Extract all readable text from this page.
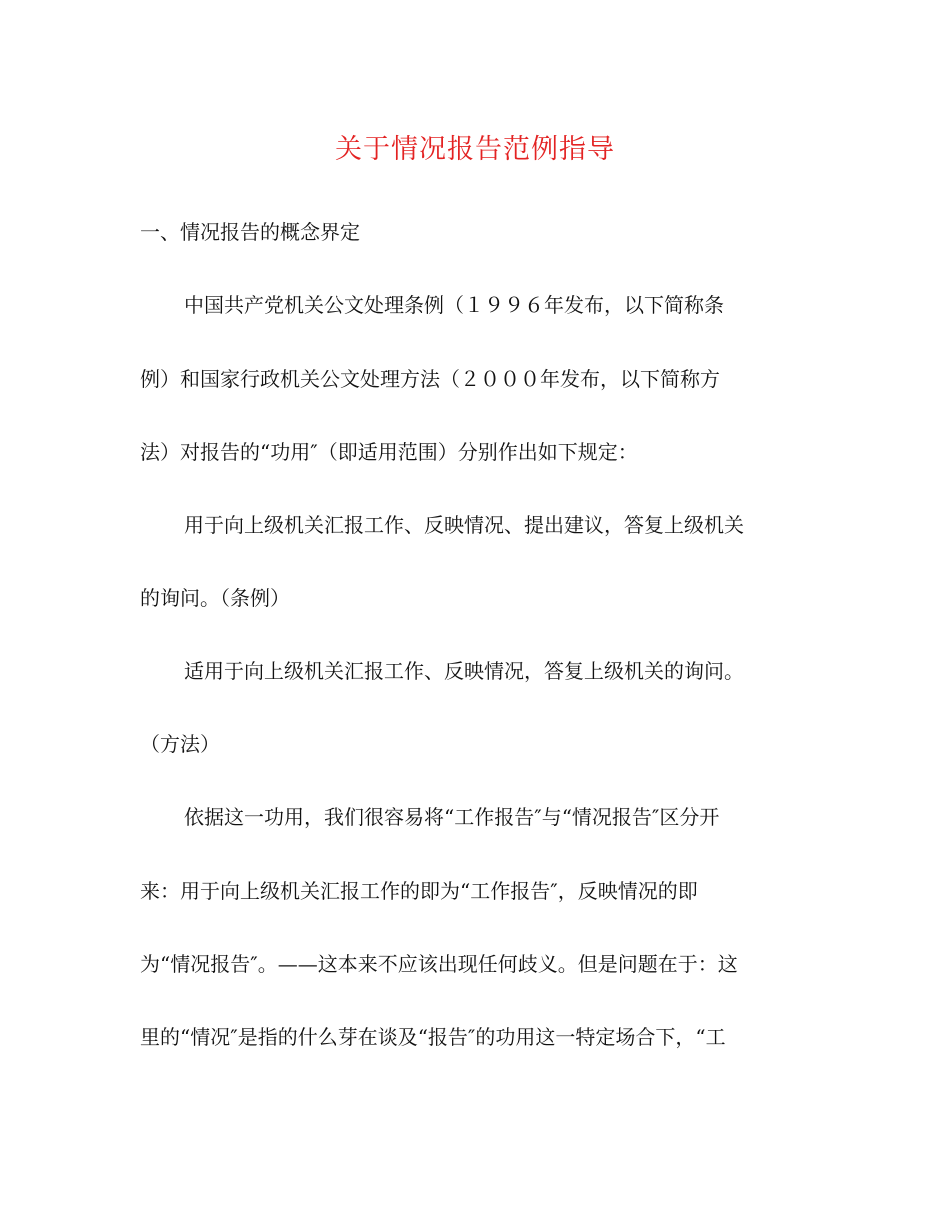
关于情况报告范例指导
一、情况报告的概念界定
中国共产党机关公文处理条例（１９９６年发布，以下简称条
例）和国家行政机关公文处理方法（２０００年发布，以下简称方
法）对报告的“功用″（即适用范围）分别作出如下规定：
用于向上级机关汇报工作、反映情况、提出建议，答复上级机关
的询问。（条例）
适用于向上级机关汇报工作、反映情况，答复上级机关的询问。
（方法）
依据这一功用，我们很容易将“工作报告″与“情况报告″区分开
来：用于向上级机关汇报工作的即为“工作报告″，反映情况的即
为“情况报告″。——这本来不应该出现任何歧义。但是问题在于：这
里的“情况″是指的什么芽在谈及“报告″的功用这一特定场合下，“工
